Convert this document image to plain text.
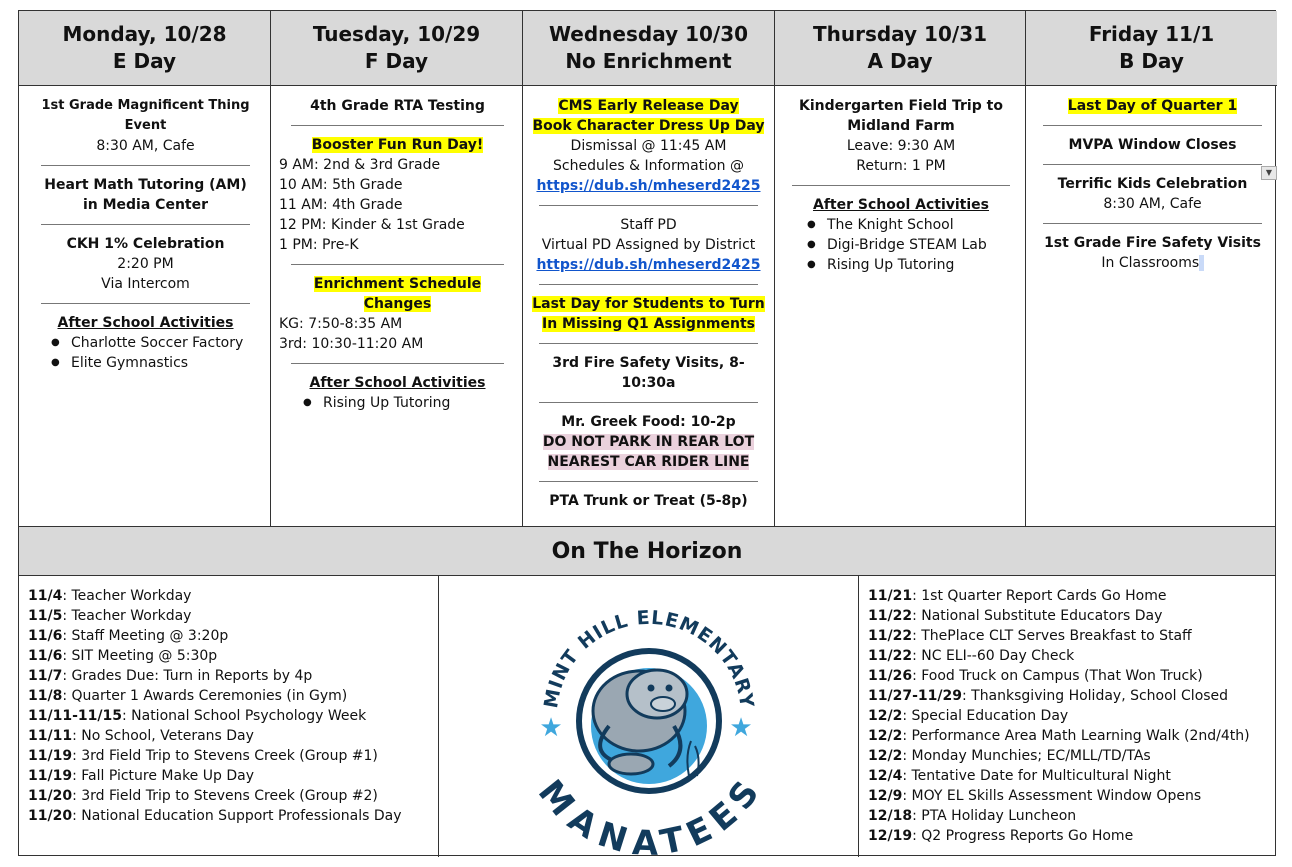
Monday, 10/28
E Day
Tuesday, 10/29
F Day
Wednesday 10/30
No Enrichment
Thursday 10/31
A Day
Friday 11/1
B Day
1st Grade Magnificent Thing Event
8:30 AM, Cafe
Heart Math Tutoring (AM)
in Media Center
CKH 1% Celebration
2:20 PM
Via Intercom
After School Activities
● Charlotte Soccer Factory
● Elite Gymnastics
4th Grade RTA Testing
Booster Fun Run Day!
9 AM: 2nd & 3rd Grade
10 AM: 5th Grade
11 AM: 4th Grade
12 PM: Kinder & 1st Grade
1 PM: Pre-K
Enrichment Schedule Changes
KG: 7:50-8:35 AM
3rd: 10:30-11:20 AM
After School Activities
● Rising Up Tutoring
CMS Early Release Day
Book Character Dress Up Day
Dismissal @ 11:45 AM
Schedules & Information @
https://dub.sh/mheserd2425
Staff PD
Virtual PD Assigned by District
https://dub.sh/mheserd2425
Last Day for Students to Turn
In Missing Q1 Assignments
3rd Fire Safety Visits, 8-10:30a
Mr. Greek Food: 10-2p
DO NOT PARK IN REAR LOT
NEAREST CAR RIDER LINE
PTA Trunk or Treat (5-8p)
Kindergarten Field Trip to
Midland Farm
Leave: 9:30 AM
Return: 1 PM
After School Activities
● The Knight School
● Digi-Bridge STEAM Lab
● Rising Up Tutoring
Last Day of Quarter 1
MVPA Window Closes
Terrific Kids Celebration
8:30 AM, Cafe
1st Grade Fire Safety Visits
In Classrooms
▼
On The Horizon
11/4: Teacher Workday
11/5: Teacher Workday
11/6: Staff Meeting @ 3:20p
11/6: SIT Meeting @ 5:30p
11/7: Grades Due: Turn in Reports by 4p
11/8: Quarter 1 Awards Ceremonies (in Gym)
11/11-11/15: National School Psychology Week
11/11: No School, Veterans Day
11/19: 3rd Field Trip to Stevens Creek (Group #1)
11/19: Fall Picture Make Up Day
11/20: 3rd Field Trip to Stevens Creek (Group #2)
11/20: National Education Support Professionals Day
★	★
MINT HILL ELEMENTARY
MANATEES
11/21: 1st Quarter Report Cards Go Home
11/22: National Substitute Educators Day
11/22: ThePlace CLT Serves Breakfast to Staff
11/22: NC ELI--60 Day Check
11/26: Food Truck on Campus (That Won Truck)
11/27-11/29: Thanksgiving Holiday, School Closed
12/2: Special Education Day
12/2: Performance Area Math Learning Walk (2nd/4th)
12/2: Monday Munchies; EC/MLL/TD/TAs
12/4: Tentative Date for Multicultural Night
12/9: MOY EL Skills Assessment Window Opens
12/18: PTA Holiday Luncheon
12/19: Q2 Progress Reports Go Home
